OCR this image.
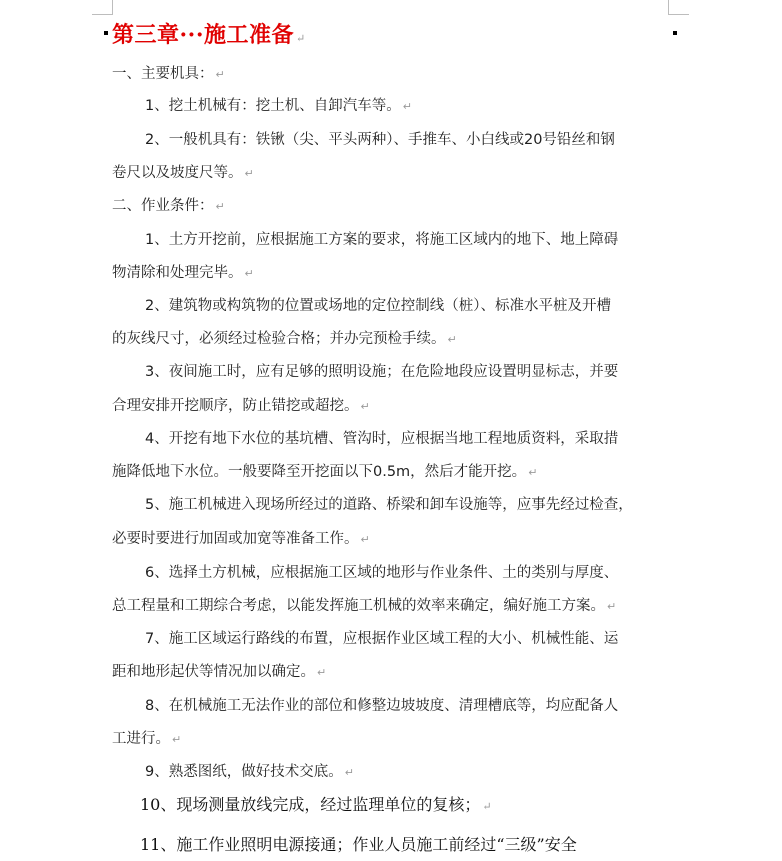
第三章···施工准备 ↵
一、主要机具： ↵
1、挖土机械有：挖土机、自卸汽车等。 ↵
2、一般机具有：铁锹（尖、平头两种）、手推车、小白线或20号铅丝和钢
卷尺以及坡度尺等。 ↵
二、作业条件： ↵
1、土方开挖前，应根据施工方案的要求，将施工区域内的地下、地上障碍
物清除和处理完毕。 ↵
2、建筑物或构筑物的位置或场地的定位控制线（桩）、标准水平桩及开槽
的灰线尺寸，必须经过检验合格；并办完预检手续。 ↵
3、夜间施工时，应有足够的照明设施；在危险地段应设置明显标志，并要
合理安排开挖顺序，防止错挖或超挖。 ↵
4、开挖有地下水位的基坑槽、管沟时，应根据当地工程地质资料，采取措
施降低地下水位。一般要降至开挖面以下0.5m，然后才能开挖。 ↵
5、施工机械进入现场所经过的道路、桥梁和卸车设施等，应事先经过检查，
必要时要进行加固或加宽等准备工作。 ↵
6、选择土方机械，应根据施工区域的地形与作业条件、土的类别与厚度、
总工程量和工期综合考虑，以能发挥施工机械的效率来确定，编好施工方案。 ↵
7、施工区域运行路线的布置，应根据作业区域工程的大小、机械性能、运
距和地形起伏等情况加以确定。 ↵
8、在机械施工无法作业的部位和修整边坡坡度、清理槽底等，均应配备人
工进行。 ↵
9、熟悉图纸，做好技术交底。 ↵
10、现场测量放线完成，经过监理单位的复核； ↵
11、施工作业照明电源接通；作业人员施工前经过“三级”安全
